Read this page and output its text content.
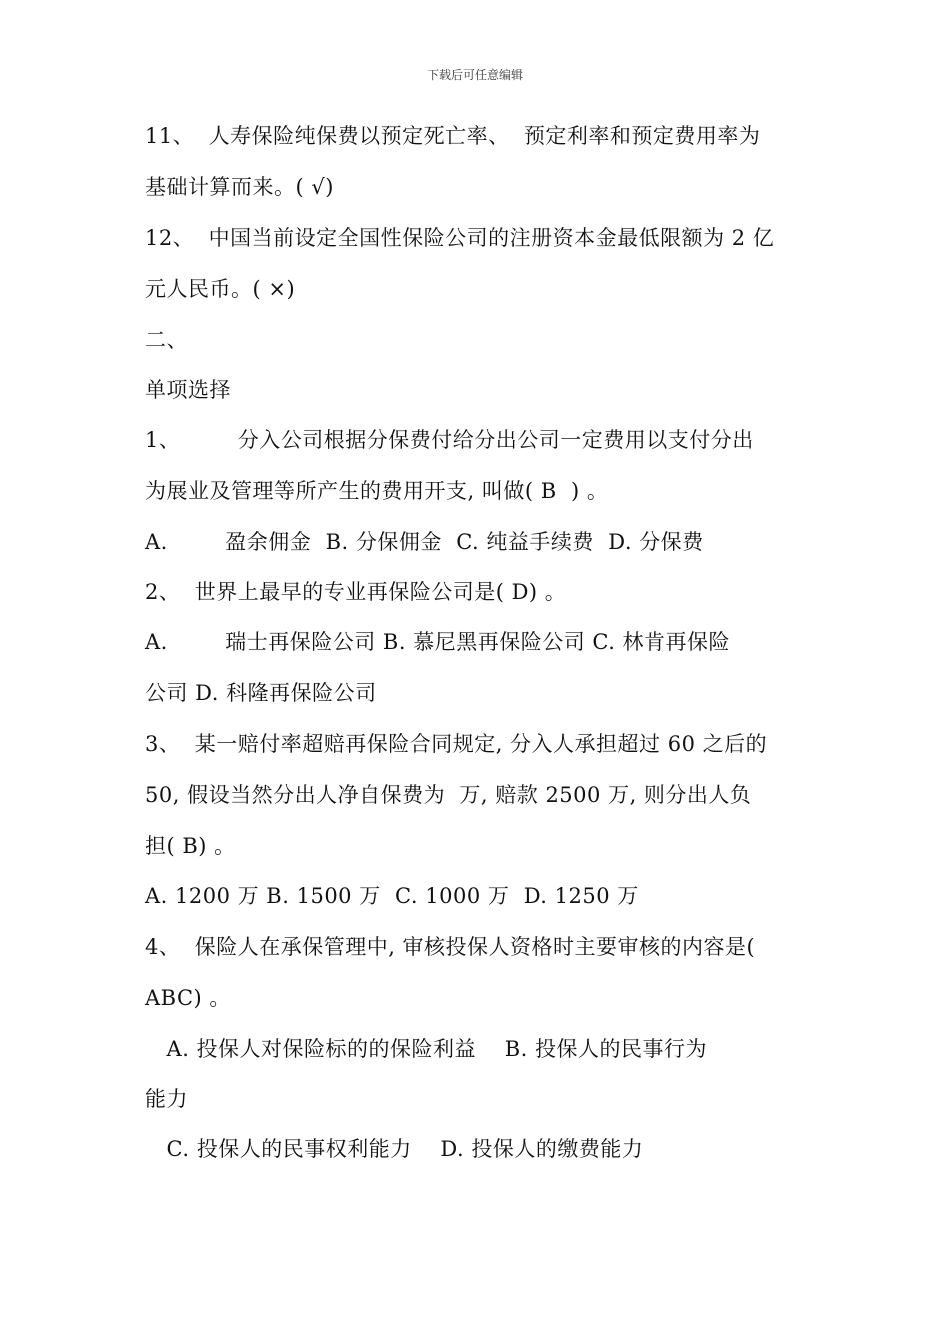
下载后可任意编辑
11、  人寿保险纯保费以预定死亡率、  预定利率和预定费用率为
基础计算而来。( √)
12、  中国当前设定全国性保险公司的注册资本金最低限额为 2 亿
元人民币。( ×)
二、
单项选择
1、        分入公司根据分保费付给分出公司一定费用以支付分出
为展业及管理等所产生的费用开支, 叫做( B  ) 。
A.        盈余佣金  B. 分保佣金  C. 纯益手续费  D. 分保费
2、  世界上最早的专业再保险公司是( D) 。
A.        瑞士再保险公司 B. 慕尼黑再保险公司 C. 林肯再保险
公司 D. 科隆再保险公司
3、  某一赔付率超赔再保险合同规定, 分入人承担超过 60 之后的
50, 假设当然分出人净自保费为  万, 赔款 2500 万, 则分出人负
担( B) 。
A. 1200 万 B. 1500 万  C. 1000 万  D. 1250 万
4、  保险人在承保管理中, 审核投保人资格时主要审核的内容是(
ABC) 。
A. 投保人对保险标的的保险利益    B. 投保人的民事行为
能力
C. 投保人的民事权利能力    D. 投保人的缴费能力
